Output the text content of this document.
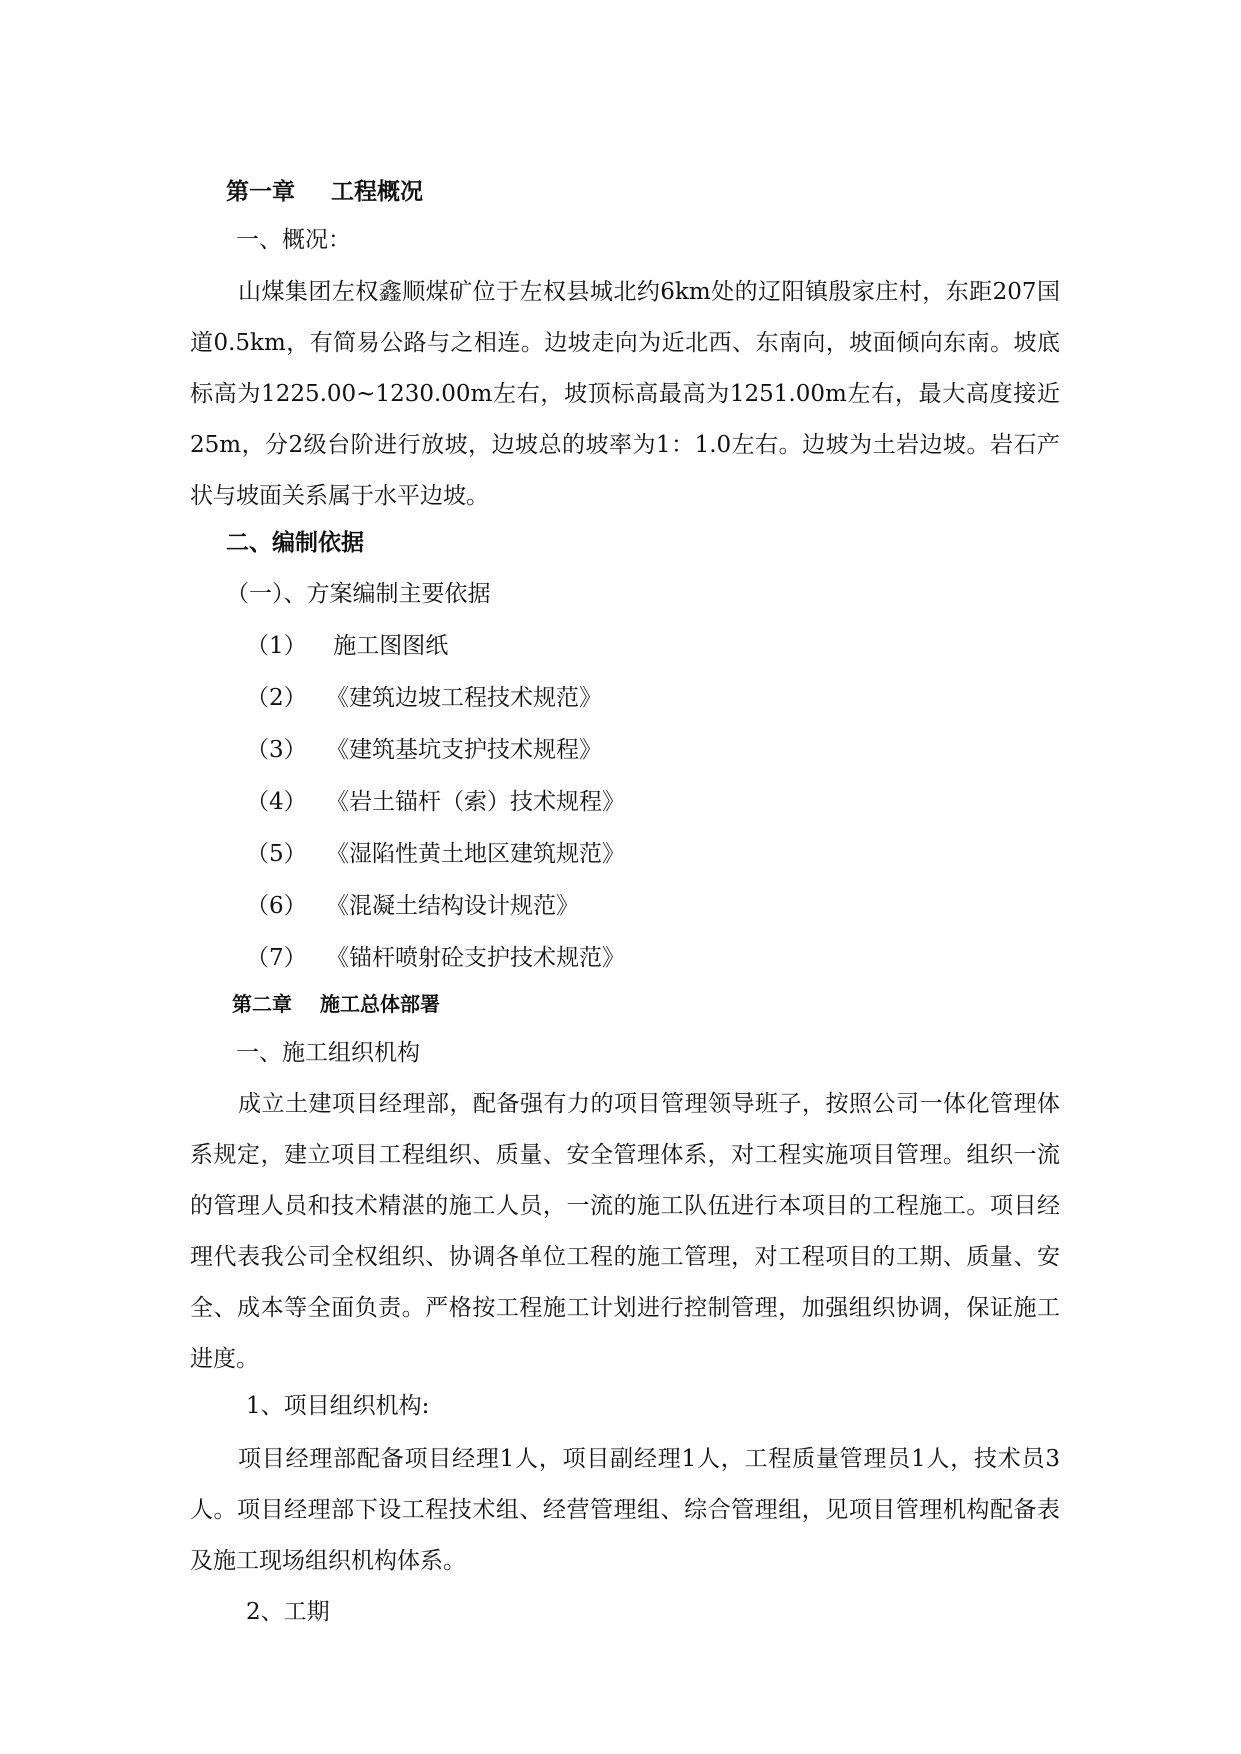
第一章 工程概况
一、概况：
山煤集团左权鑫顺煤矿位于左权县城北约6km处的辽阳镇殷家庄村，东距207国道0.5km，有简易公路与之相连。边坡走向为近北西、东南向，坡面倾向东南。坡底标高为1225.00~1230.00m左右，坡顶标高最高为1251.00m左右，最大高度接近25m，分2级台阶进行放坡，边坡总的坡率为1：1.0左右。边坡为土岩边坡。岩石产状与坡面关系属于水平边坡。
二、编制依据
（一）、方案编制主要依据
（1） 施工图图纸
（2） 《建筑边坡工程技术规范》
（3） 《建筑基坑支护技术规程》
（4） 《岩土锚杆（索）技术规程》
（5） 《湿陷性黄土地区建筑规范》
（6） 《混凝土结构设计规范》
（7） 《锚杆喷射砼支护技术规范》
第二章 施工总体部署
一、施工组织机构
成立土建项目经理部，配备强有力的项目管理领导班子，按照公司一体化管理体系规定，建立项目工程组织、质量、安全管理体系，对工程实施项目管理。组织一流的管理人员和技术精湛的施工人员，一流的施工队伍进行本项目的工程施工。项目经理代表我公司全权组织、协调各单位工程的施工管理，对工程项目的工期、质量、安全、成本等全面负责。严格按工程施工计划进行控制管理，加强组织协调，保证施工进度。
1、项目组织机构:
项目经理部配备项目经理1人，项目副经理1人，工程质量管理员1人，技术员3人。项目经理部下设工程技术组、经营管理组、综合管理组，见项目管理机构配备表及施工现场组织机构体系。
2、工期
